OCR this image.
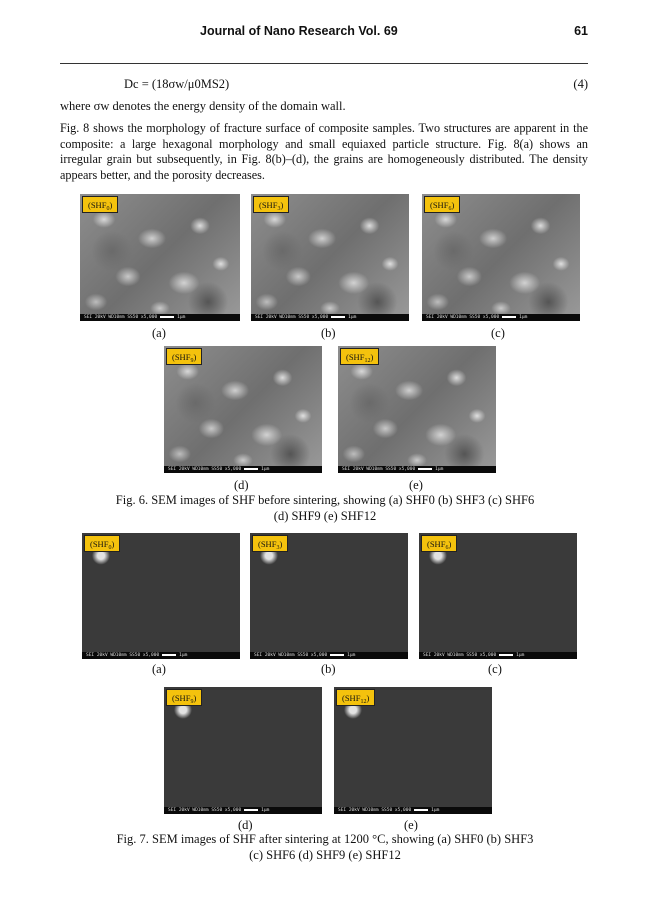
Journal of Nano Research Vol. 69	61
Dc = (18σw/μ0MS2)	(4)
where σw denotes the energy density of the domain wall.
Fig. 8 shows the morphology of fracture surface of composite samples. Two structures are apparent in the composite: a large hexagonal morphology and small equiaxed particle structure. Fig. 8(a) shows an irregular grain but subsequently, in Fig. 8(b)–(d), the grains are homogeneously distributed. The density appears better, and the porosity decreases.
$(SHF_0)$
SEI 20kV WD10mm SS50 x5,000	1μm
$(SHF_3)$
SEI 20kV WD10mm SS50 x5,000	1μm
$(SHF_6)$
SEI 20kV WD10mm SS50 x5,000	1μm
(a)	(b)	(c)
$(SHF_9)$
SEI 20kV WD10mm SS50 x5,000	1μm
$(SHF_{12})$
SEI 20kV WD10mm SS50 x5,000	1μm
(d)	(e)
Fig. 6. SEM images of SHF before sintering, showing (a) SHF0 (b) SHF3 (c) SHF6
(d) SHF9 (e) SHF12
$(SHF_0)$
SEI 20kV WD10mm SS50 x5,000	1μm
$(SHF_3)$
SEI 20kV WD10mm SS50 x5,000	1μm
$(SHF_6)$
SEI 20kV WD10mm SS50 x5,000	1μm
(a)	(b)	(c)
$(SHF_9)$
SEI 20kV WD10mm SS50 x5,000	1μm
$(SHF_{12})$
SEI 20kV WD10mm SS50 x5,000	1μm
(d)	(e)
Fig. 7. SEM images of SHF after sintering at 1200 °C, showing (a) SHF0 (b) SHF3
(c) SHF6 (d) SHF9 (e) SHF12
